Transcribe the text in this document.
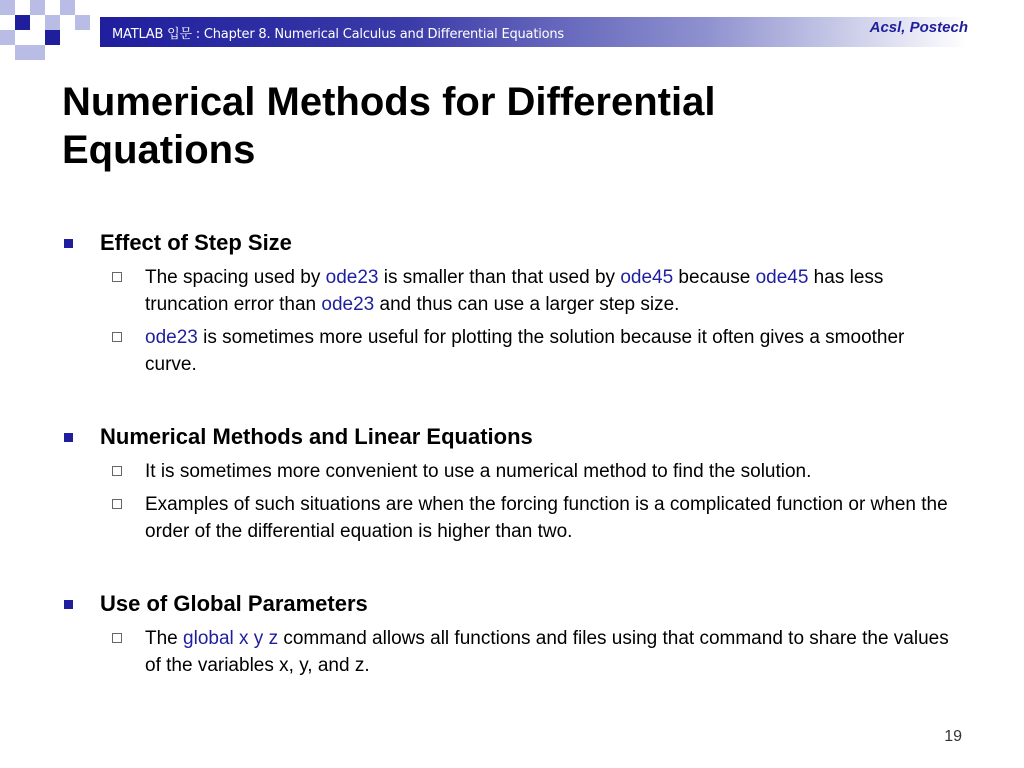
MATLAB 입문 : Chapter 8. Numerical Calculus and Differential Equations	Acsl, Postech
Numerical Methods for Differential
Equations

Effect of Step Size

The spacing used by ode23 is smaller than that used by ode45 because ode45 has less truncation error than ode23 and thus can use a larger step size.

ode23 is sometimes more useful for plotting the solution because it often gives a smoother curve.

Numerical Methods and Linear Equations

It is sometimes more convenient to use a numerical method to find the solution.

Examples of such situations are when the forcing function is a complicated function or when the order of the differential equation is higher than two.

Use of Global Parameters

The global x y z command allows all functions and files using that command to share the values of the variables x, y, and z.

19
